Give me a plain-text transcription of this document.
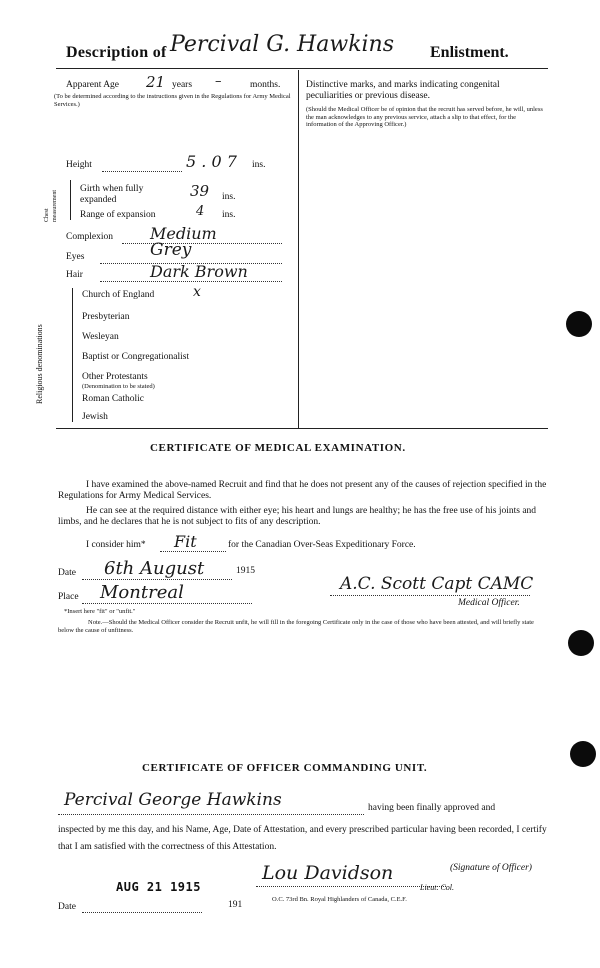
Description of Percival G. Hawkins Enlistment.
Apparent Age 21 years –	months.
(To be determined according to the instructions given in the Regulations for Army Medical Services.)
Height	5 . 0 7 ins.
Chest measurement
Girth when fully expanded	39 ins.
Range of expansion	4 ins.
Complexion Medium
Eyes	Grey
Hair	Dark Brown
Religious denominations
Church of England	x
Presbyterian
Wesleyan
Baptist or Congregationalist
Other Protestants
(Denomination to be stated)
Roman Catholic
Jewish
Distinctive marks, and marks indicating congenital peculiarities or previous disease.
(Should the Medical Officer be of opinion that the recruit has served before, he will, unless the man acknowledges to any previous service, attach a slip to that effect, for the information of the Approving Officer.)
CERTIFICATE OF MEDICAL EXAMINATION.
I have examined the above-named Recruit and find that he does not present any of the causes of rejection specified in the Regulations for Army Medical Services.
He can see at the required distance with either eye; his heart and lungs are healthy; he has the free use of his joints and limbs, and he declares that he is not subject to fits of any description.
I consider him* Fit	for the Canadian Over-Seas Expeditionary Force.
Date 6th August	1915
Place Montreal	A.C. Scott Capt CAMC
Medical Officer.
*Insert here "fit" or "unfit."
Note.—Should the Medical Officer consider the Recruit unfit, he will fill in the foregoing Certificate only in the case of those who have been attested, and will briefly state below the cause of unfitness.
CERTIFICATE OF OFFICER COMMANDING UNIT.
Percival George Hawkins	having been finally approved and
inspected by me this day, and his Name, Age, Date of Attestation, and every prescribed particular having been recorded, I certify that I am satisfied with the correctness of this Attestation.
AUG 21 1915
Lou Davidson	(Signature of Officer)
Lieut. Col.
O.C. 73rd Bn. Royal Highlanders of Canada, C.E.F.
Date	191
